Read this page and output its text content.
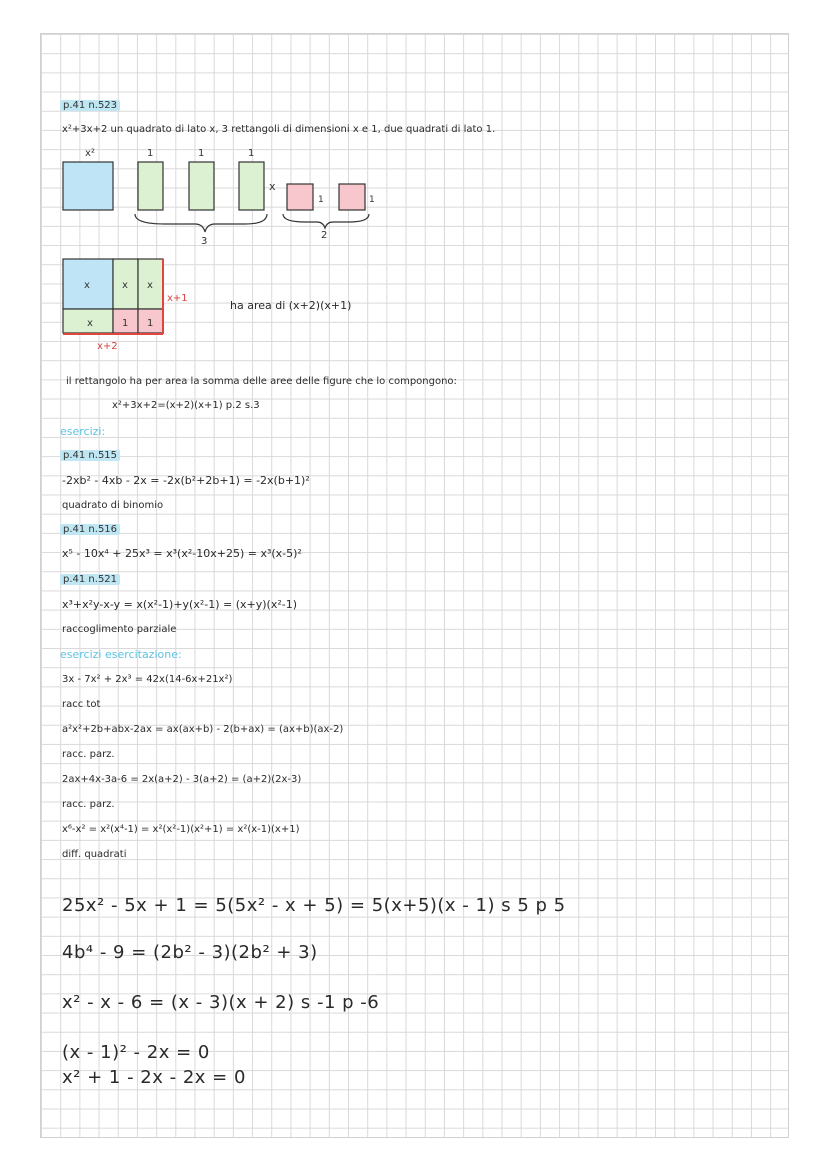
p.41 n.523
x²+3x+2 un quadrato di lato x, 3 rettangoli di dimensioni x e 1, due quadrati di lato 1.
x²	1	1	1
x
1	1
3
2
x	x x
x	1 1
x+1
x+2
ha area di (x+2)(x+1)
il rettangolo ha per area la somma delle aree delle figure che lo compongono:
x²+3x+2=(x+2)(x+1) p.2 s.3
esercizi:
p.41 n.515
-2xb² - 4xb - 2x = -2x(b²+2b+1) = -2x(b+1)²
quadrato di binomio
p.41 n.516
x⁵ - 10x⁴ + 25x³ = x³(x²-10x+25) = x³(x-5)²
p.41 n.521
x³+x²y-x-y = x(x²-1)+y(x²-1) = (x+y)(x²-1)
raccoglimento parziale
esercizi esercitazione:
3x - 7x² + 2x³ = 42x(14-6x+21x²)
racc tot
a²x²+2b+abx-2ax = ax(ax+b) - 2(b+ax) = (ax+b)(ax-2)
racc. parz.
2ax+4x-3a-6 = 2x(a+2) - 3(a+2) = (a+2)(2x-3)
racc. parz.
x⁶-x² = x²(x⁴-1) = x²(x²-1)(x²+1) = x²(x-1)(x+1)
diff. quadrati
25x² - 5x + 1 = 5(5x² - x + 5) = 5(x+5)(x - 1) s 5 p 5
4b⁴ - 9 = (2b² - 3)(2b² + 3)
x² - x - 6 = (x - 3)(x + 2) s -1 p -6
(x - 1)² - 2x = 0
x² + 1 - 2x - 2x = 0
